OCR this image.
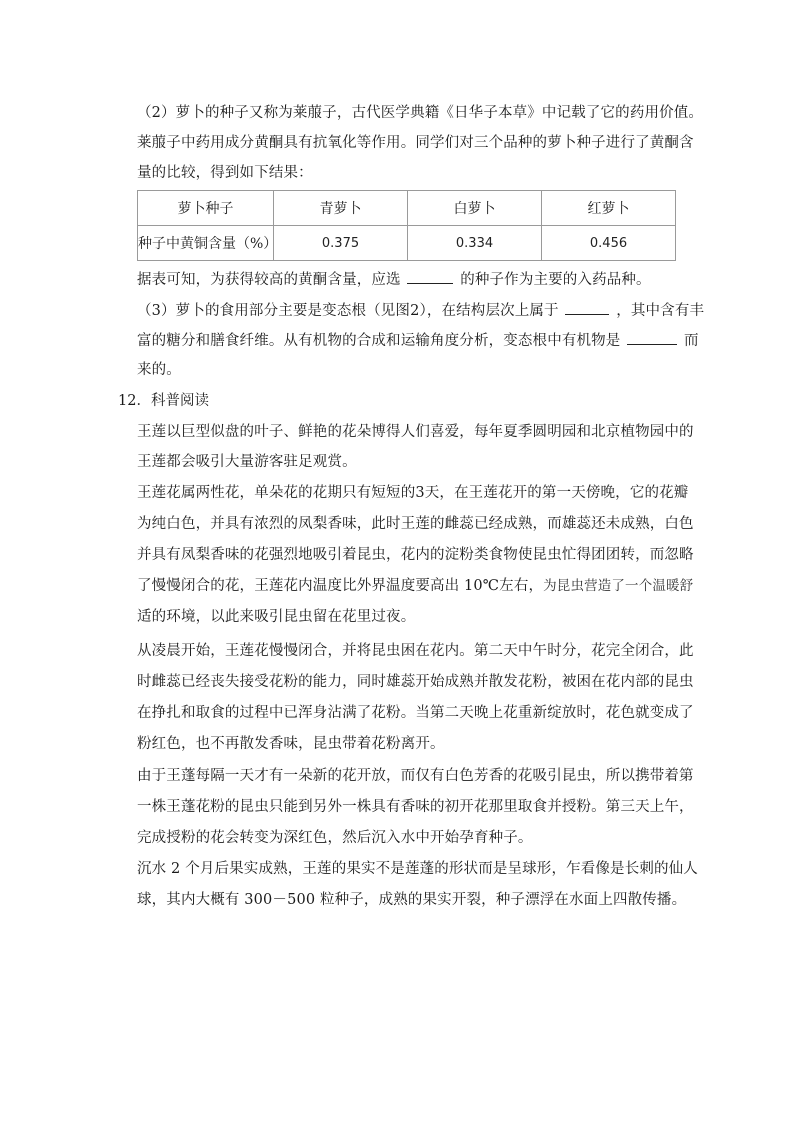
（2）萝卜的种子又称为莱菔子，古代医学典籍《日华子本草》中记载了它的药用价值。
莱菔子中药用成分黄酮具有抗氧化等作用。同学们对三个品种的萝卜种子进行了黄酮含
量的比较，得到如下结果：
萝卜种子	青萝卜	白萝卜	红萝卜
种子中黄铜含量（%）	0.375	0.334	0.456
据表可知，为获得较高的黄酮含量，应选	的种子作为主要的入药品种。
（3）萝卜的食用部分主要是变态根（见图2），在结构层次上属于	，其中含有丰
富的糖分和膳食纤维。从有机物的合成和运输角度分析，变态根中有机物是	而
来的。
12．科普阅读
王莲以巨型似盘的叶子、鲜艳的花朵博得人们喜爱，每年夏季圆明园和北京植物园中的
王莲都会吸引大量游客驻足观赏。
王莲花属两性花，单朵花的花期只有短短的3天，在王莲花开的第一天傍晚，它的花瓣
为纯白色，并具有浓烈的凤梨香味，此时王莲的雌蕊已经成熟，而雄蕊还未成熟，白色
并具有凤梨香味的花强烈地吸引着昆虫，花内的淀粉类食物使昆虫忙得团团转，而忽略
了慢慢闭合的花，王莲花内温度比外界温度要高出 10℃左右，为昆虫营造了一个温暖舒
适的环境，以此来吸引昆虫留在花里过夜。
从凌晨开始，王莲花慢慢闭合，并将昆虫困在花内。第二天中午时分，花完全闭合，此
时雌蕊已经丧失接受花粉的能力，同时雄蕊开始成熟并散发花粉，被困在花内部的昆虫
在挣扎和取食的过程中已浑身沾满了花粉。当第二天晚上花重新绽放时，花色就变成了
粉红色，也不再散发香味，昆虫带着花粉离开。
由于王蓬每隔一天才有一朵新的花开放，而仅有白色芳香的花吸引昆虫，所以携带着第
一株王蓬花粉的昆虫只能到另外一株具有香味的初开花那里取食并授粉。第三天上午，
完成授粉的花会转变为深红色，然后沉入水中开始孕育种子。
沉水 2 个月后果实成熟，王莲的果实不是莲蓬的形状而是呈球形，乍看像是长刺的仙人
球，其内大概有 300－500 粒种子，成熟的果实开裂，种子漂浮在水面上四散传播。
